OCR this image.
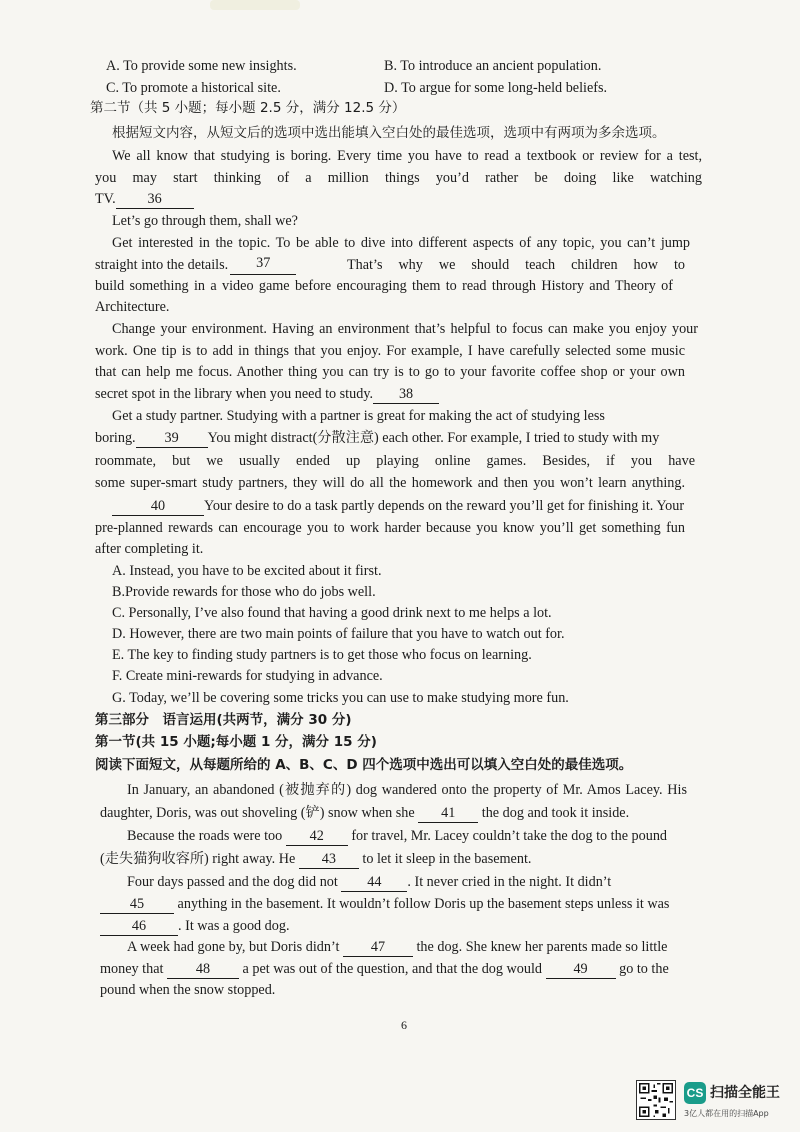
A. To provide some new insights.	B. To introduce an ancient population.
C. To promote a historical site.	D. To argue for some long-held beliefs.
第二节（共 5 小题；每小题 2.5 分，满分 12.5 分）
根据短文内容，从短文后的选项中选出能填入空白处的最佳选项，选项中有两项为多余选项。
We all know that studying is boring. Every time you have to read a textbook or review for a test,
you may start thinking of a million things you’d rather be doing like watching
TV. 36
Let’s go through them, shall we?
Get interested in the topic. To be able to dive into different aspects of any topic, you can’t jump
straight into the details.	37	That’s why we should teach children how to
build something in a video game before encouraging them to read through History and Theory of
Architecture.
Change your environment. Having an environment that’s helpful to focus can make you enjoy your
work. One tip is to add in things that you enjoy. For example, I have carefully selected some music
that can help me focus. Another thing you can try is to go to your favorite coffee shop or your own
secret spot in the library when you need to study. 38
Get a study partner. Studying with a partner is great for making the act of studying less
boring. 39 You might distract(分散注意) each other. For example, I tried to study with my
roommate, but we usually ended up playing online games. Besides, if you have
some super-smart study partners, they will do all the homework and then you won’t learn anything.
40	Your desire to do a task partly depends on the reward you’ll get for finishing it. Your
pre-planned rewards can encourage you to work harder because you know you’ll get something fun
after completing it.
A. Instead, you have to be excited about it first.
B.Provide rewards for those who do jobs well.
C. Personally, I’ve also found that having a good drink next to me helps a lot.
D. However, there are two main points of failure that you have to watch out for.
E. The key to finding study partners is to get those who focus on learning.
F. Create mini-rewards for studying in advance.
G. Today, we’ll be covering some tricks you can use to make studying more fun.
第三部分　语言运用(共两节，满分 30 分)
第一节(共 15 小题;每小题 1 分，满分 15 分)
阅读下面短文，从每题所给的 A、B、C、D 四个选项中选出可以填入空白处的最佳选项。
In January, an abandoned (被抛弃的) dog wandered onto the property of Mr. Amos Lacey. His
daughter, Doris, was out shoveling (铲) snow when she 41 the dog and took it inside.
Because the roads were too 42 for travel, Mr. Lacey couldn’t take the dog to the pound
(走失猫狗收容所) right away. He 43 to let it sleep in the basement.
Four days passed and the dog did not 44 . It never cried in the night. It didn’t
45 anything in the basement. It wouldn’t follow Doris up the basement steps unless it was
46 . It was a good dog.
A week had gone by, but Doris didn’t 47 the dog. She knew her parents made so little
money that 48 a pet was out of the question, and that the dog would 49 go to the
pound when the snow stopped.
6
CS 扫描全能王
3亿人都在用的扫描App
